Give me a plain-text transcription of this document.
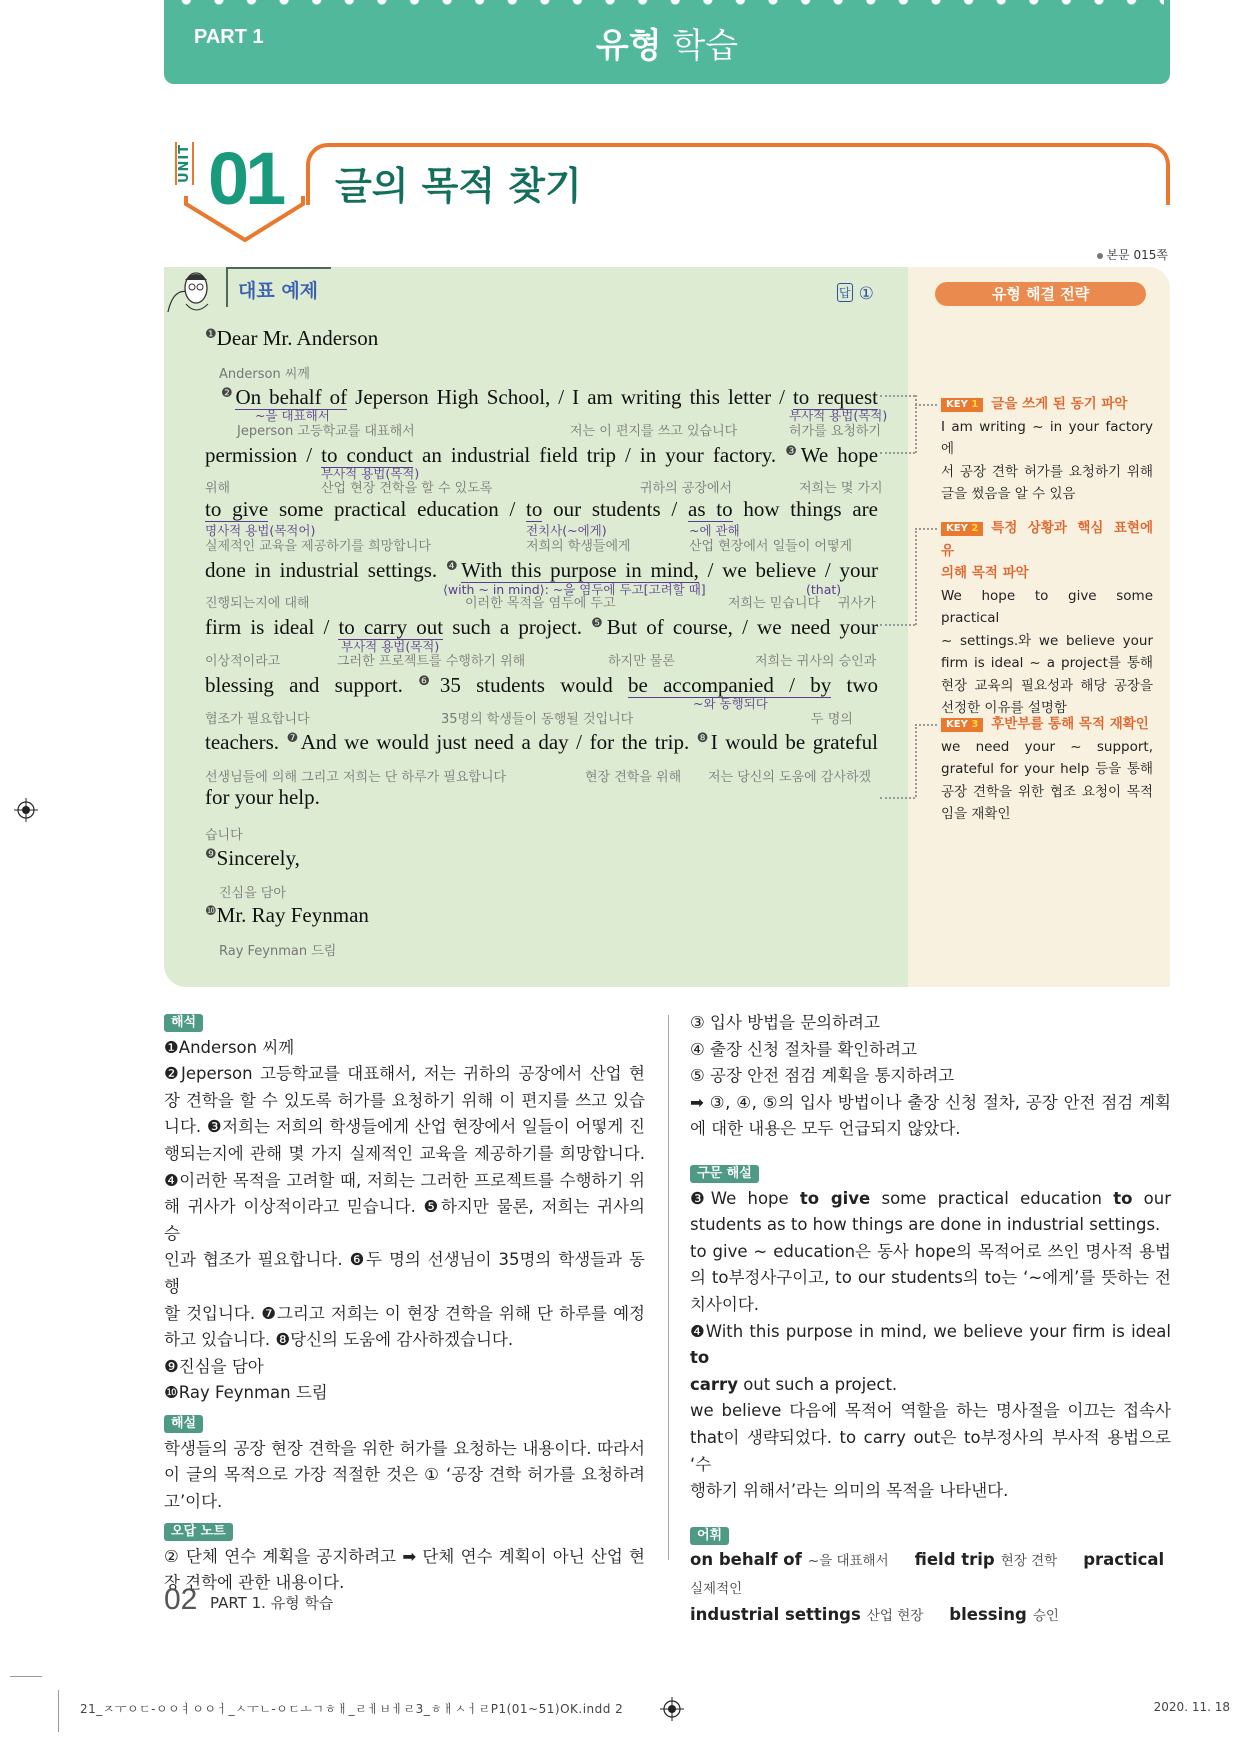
PART 1	유형 학습
UNIT 01 글의 목적 찾기
본문 015쪽
대표 예제	답 ①	유형 해결 전략
$^❶$Dear Mr. Anderson
$^❷$On behalf of Jeperson High School, / I am writing this letter / to request
permission / to conduct an industrial field trip / in your factory. $^❸$We hope
to give some practical education / to our students / as to how things are
done in industrial settings. $^❹$With this purpose in mind, / we believe / your
firm is ideal / to carry out such a project. $^❺$But of course, / we need your
blessing and support. $^❻$35 students would be accompanied / by two
teachers. $^❼$And we would just need a day / for the trip. $^❽$I would be grateful
for your help.
$^❾$Sincerely,
$^❿$Mr. Ray Feynman
Anderson 씨께
Jeperson 고등학교를 대표해서	저는 이 편지를 쓰고 있습니다	허가를 요청하기
위해	산업 현장 견학을 할 수 있도록	귀하의 공장에서	저희는 몇 가지
실제적인 교육을 제공하기를 희망합니다	저희의 학생들에게	산업 현장에서 일들이 어떻게
진행되는지에 대해	이러한 목적을 염두에 두고	저희는 믿습니다 귀사가
이상적이라고	그러한 프로젝트를 수행하기 위해	하지만 물론	저희는 귀사의 승인과
협조가 필요합니다	35명의 학생들이 동행될 것입니다	두 명의
선생님들에 의해 그리고 저희는 단 하루가 필요합니다	현장 견학을 위해 저는 당신의 도움에 감사하겠
습니다
진심을 담아
Ray Feynman 드림
~을 대표해서	부사적 용법(목적)
부사적 용법(목적)
명사적 용법(목적어)	전치사(~에게)	~에 관해
⟨with ~ in mind⟩: ~을 염두에 두고[고려할 때]	(that)
부사적 용법(목적)
~와 동행되다
KEY 1 글을 쓰게 된 동기 파악
I am writing ~ in your factory에
서 공장 견학 허가를 요청하기 위해
글을 썼음을 알 수 있음
KEY 2 특정 상황과 핵심 표현에 유
의해 목적 파악
We hope to give some practical
~ settings.와 we believe your
firm is ideal ~ a project를 통해
현장 교육의 필요성과 해당 공장을
선정한 이유를 설명함
KEY 3 후반부를 통해 목적 재확인
we need your ~ support,
grateful for your help 등을 통해
공장 견학을 위한 협조 요청이 목적
임을 재확인
해석
❶Anderson 씨께
❷Jeperson 고등학교를 대표해서, 저는 귀하의 공장에서 산업 현
장 견학을 할 수 있도록 허가를 요청하기 위해 이 편지를 쓰고 있습
니다. ❸저희는 저희의 학생들에게 산업 현장에서 일들이 어떻게 진
행되는지에 관해 몇 가지 실제적인 교육을 제공하기를 희망합니다.
❹이러한 목적을 고려할 때, 저희는 그러한 프로젝트를 수행하기 위
해 귀사가 이상적이라고 믿습니다. ❺하지만 물론, 저희는 귀사의 승
인과 협조가 필요합니다. ❻두 명의 선생님이 35명의 학생들과 동행
할 것입니다. ❼그리고 저희는 이 현장 견학을 위해 단 하루를 예정
하고 있습니다. ❽당신의 도움에 감사하겠습니다.
❾진심을 담아
❿Ray Feynman 드림
해설
학생들의 공장 현장 견학을 위한 허가를 요청하는 내용이다. 따라서
이 글의 목적으로 가장 적절한 것은 ① ‘공장 견학 허가를 요청하려
고’이다.
오답 노트
② 단체 연수 계획을 공지하려고 ➡ 단체 연수 계획이 아닌 산업 현
장 견학에 관한 내용이다.
③ 입사 방법을 문의하려고
④ 출장 신청 절차를 확인하려고
⑤ 공장 안전 점검 계획을 통지하려고
➡ ③, ④, ⑤의 입사 방법이나 출장 신청 절차, 공장 안전 점검 계획
에 대한 내용은 모두 언급되지 않았다.
구문 해설
❸We hope to give some practical education to our
students as to how things are done in industrial settings.
to give ~ education은 동사 hope의 목적어로 쓰인 명사적 용법
의 to부정사구이고, to our students의 to는 ‘~에게’를 뜻하는 전
치사이다.
❹With this purpose in mind, we believe your firm is ideal to
carry out such a project.
we believe 다음에 목적어 역할을 하는 명사절을 이끄는 접속사
that이 생략되었다. to carry out은 to부정사의 부사적 용법으로 ‘수
행하기 위해서’라는 의미의 목적을 나타낸다.
어휘
on behalf of ~을 대표해서 field trip 현장 견학 practical실제적인
industrial settings 산업 현장 blessing 승인
02 PART 1. 유형 학습
21_ㅈㅜㅇㄷ-ㅇㅇㅕㅇㅇㅓ_ㅅㅜㄴ-ㅇㄷㅗㄱㅎㅐ_ㄹㅔㅂㅔㄹ3_ㅎㅐㅅㅓㄹP1(01~51)OK.indd 2	2020. 11. 18
